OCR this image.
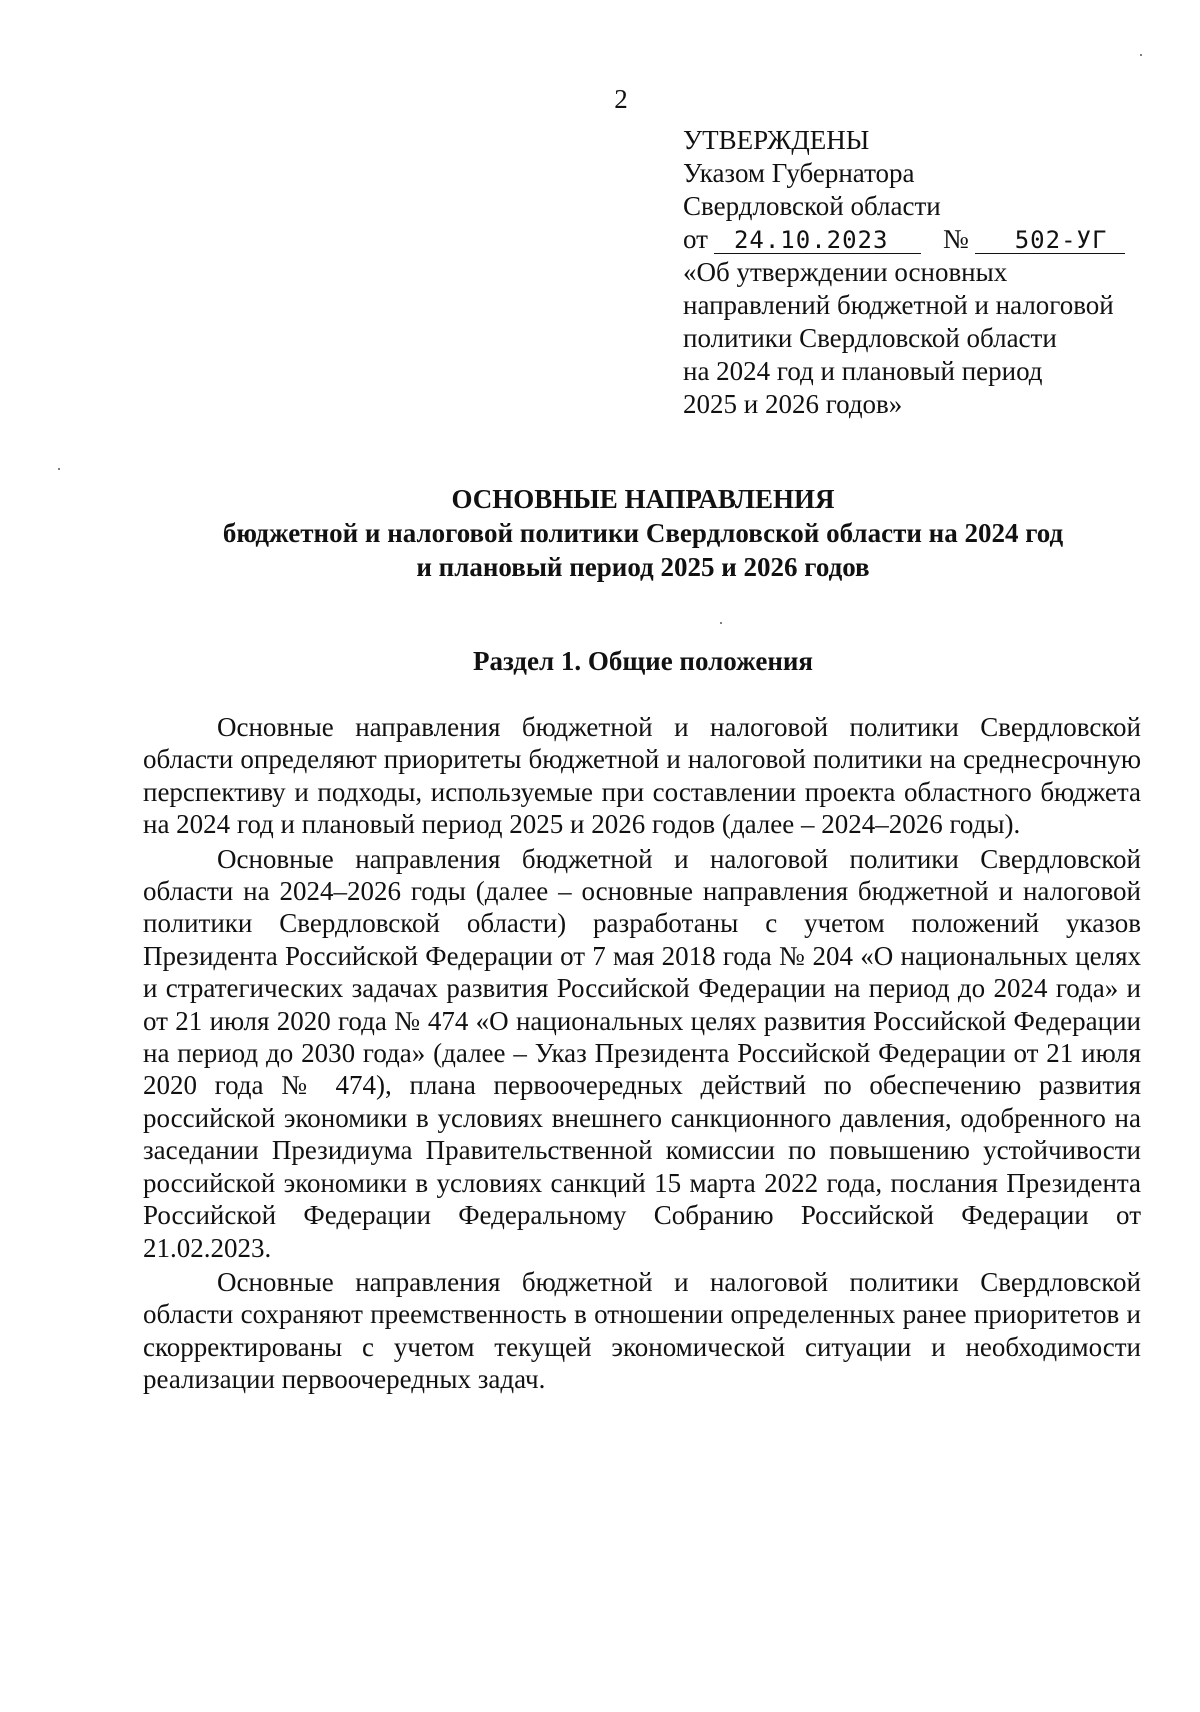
2
УТВЕРЖДЕНЫ
Указом Губернатора
Свердловской области
от 24.10.2023 № 502-УГ
«Об утверждении основных
направлений бюджетной и налоговой
политики Свердловской области
на 2024 год и плановый период
2025 и 2026 годов»
ОСНОВНЫЕ НАПРАВЛЕНИЯ
бюджетной и налоговой политики Свердловской области на 2024 год
и плановый период 2025 и 2026 годов
Раздел 1. Общие положения

Основные направления бюджетной и налоговой политики Свердловской области определяют приоритеты бюджетной и налоговой политики на среднесрочную перспективу и подходы, используемые при составлении проекта областного бюджета на 2024 год и плановый период 2025 и 2026 годов (далее – 2024–2026 годы).

Основные направления бюджетной и налоговой политики Свердловской области на 2024–2026 годы (далее – основные направления бюджетной и налоговой политики Свердловской области) разработаны с учетом положений указов Президента Российской Федерации от 7 мая 2018 года № 204 «О национальных целях и стратегических задачах развития Российской Федерации на период до 2024 года» и от 21 июля 2020 года № 474 «О национальных целях развития Российской Федерации на период до 2030 года» (далее – Указ Президента Российской Федерации от 21 июля 2020 года № 474), плана первоочередных действий по обеспечению развития российской экономики в условиях внешнего санкционного давления, одобренного на заседании Президиума Правительственной комиссии по повышению устойчивости российской экономики в условиях санкций 15 марта 2022 года, послания Президента Российской Федерации Федеральному Собранию Российской Федерации от 21.02.2023.

Основные направления бюджетной и налоговой политики Свердловской области сохраняют преемственность в отношении определенных ранее приоритетов и скорректированы с учетом текущей экономической ситуации и необходимости реализации первоочередных задач.
